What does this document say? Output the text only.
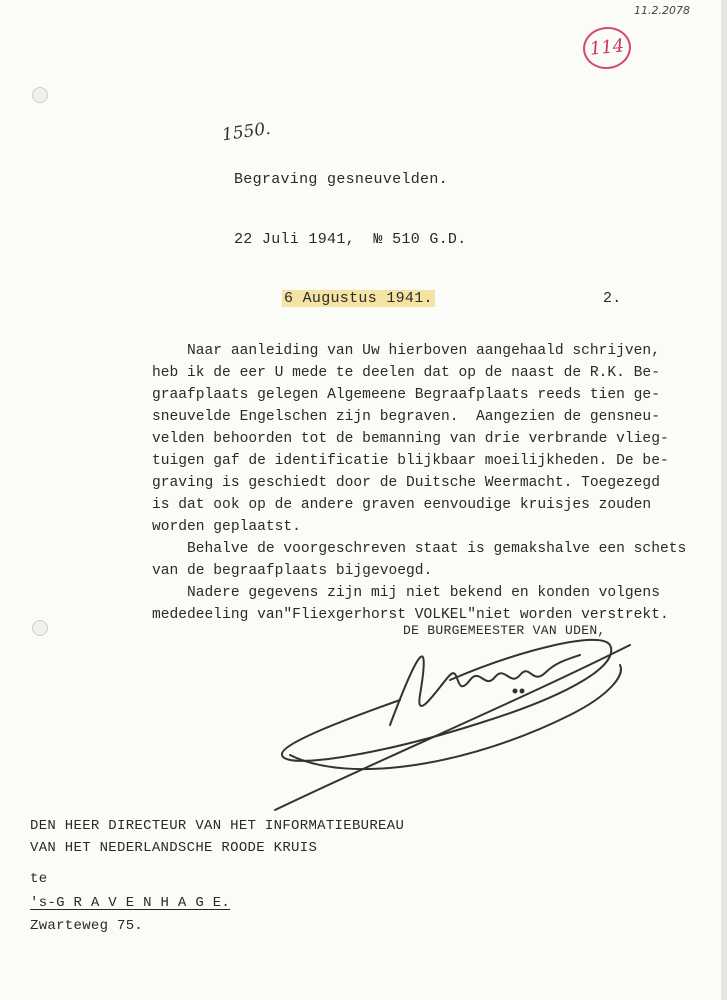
11.2.2078
114
1550.
Begraving gesneuvelden.
22 Juli 1941,  № 510 G.D.
6 Augustus 1941.	2.
Naar aanleiding van Uw hierboven aangehaald schrijven,
heb ik de eer U mede te deelen dat op de naast de R.K. Be-
graafplaats gelegen Algemeene Begraafplaats reeds tien ge-
sneuvelde Engelschen zijn begraven.  Aangezien de gensneu-
velden behoorden tot de bemanning van drie verbrande vlieg-
tuigen gaf de identificatie blijkbaar moeilijkheden. De be-
graving is geschiedt door de Duitsche Weermacht. Toegezegd
is dat ook op de andere graven eenvoudige kruisjes zouden
worden geplaatst.
Behalve de voorgeschreven staat is gemakshalve een schets
van de begraafplaats bijgevoegd.
Nadere gegevens zijn mij niet bekend en konden volgens
mededeeling van"Fliexgerhorst VOLKEL"niet worden verstrekt.
DE BURGEMEESTER VAN UDEN,
DEN HEER DIRECTEUR VAN HET INFORMATIEBUREAU
VAN HET NEDERLANDSCHE ROODE KRUIS
te
's-G R A V E N H A G E.
Zwarteweg 75.
